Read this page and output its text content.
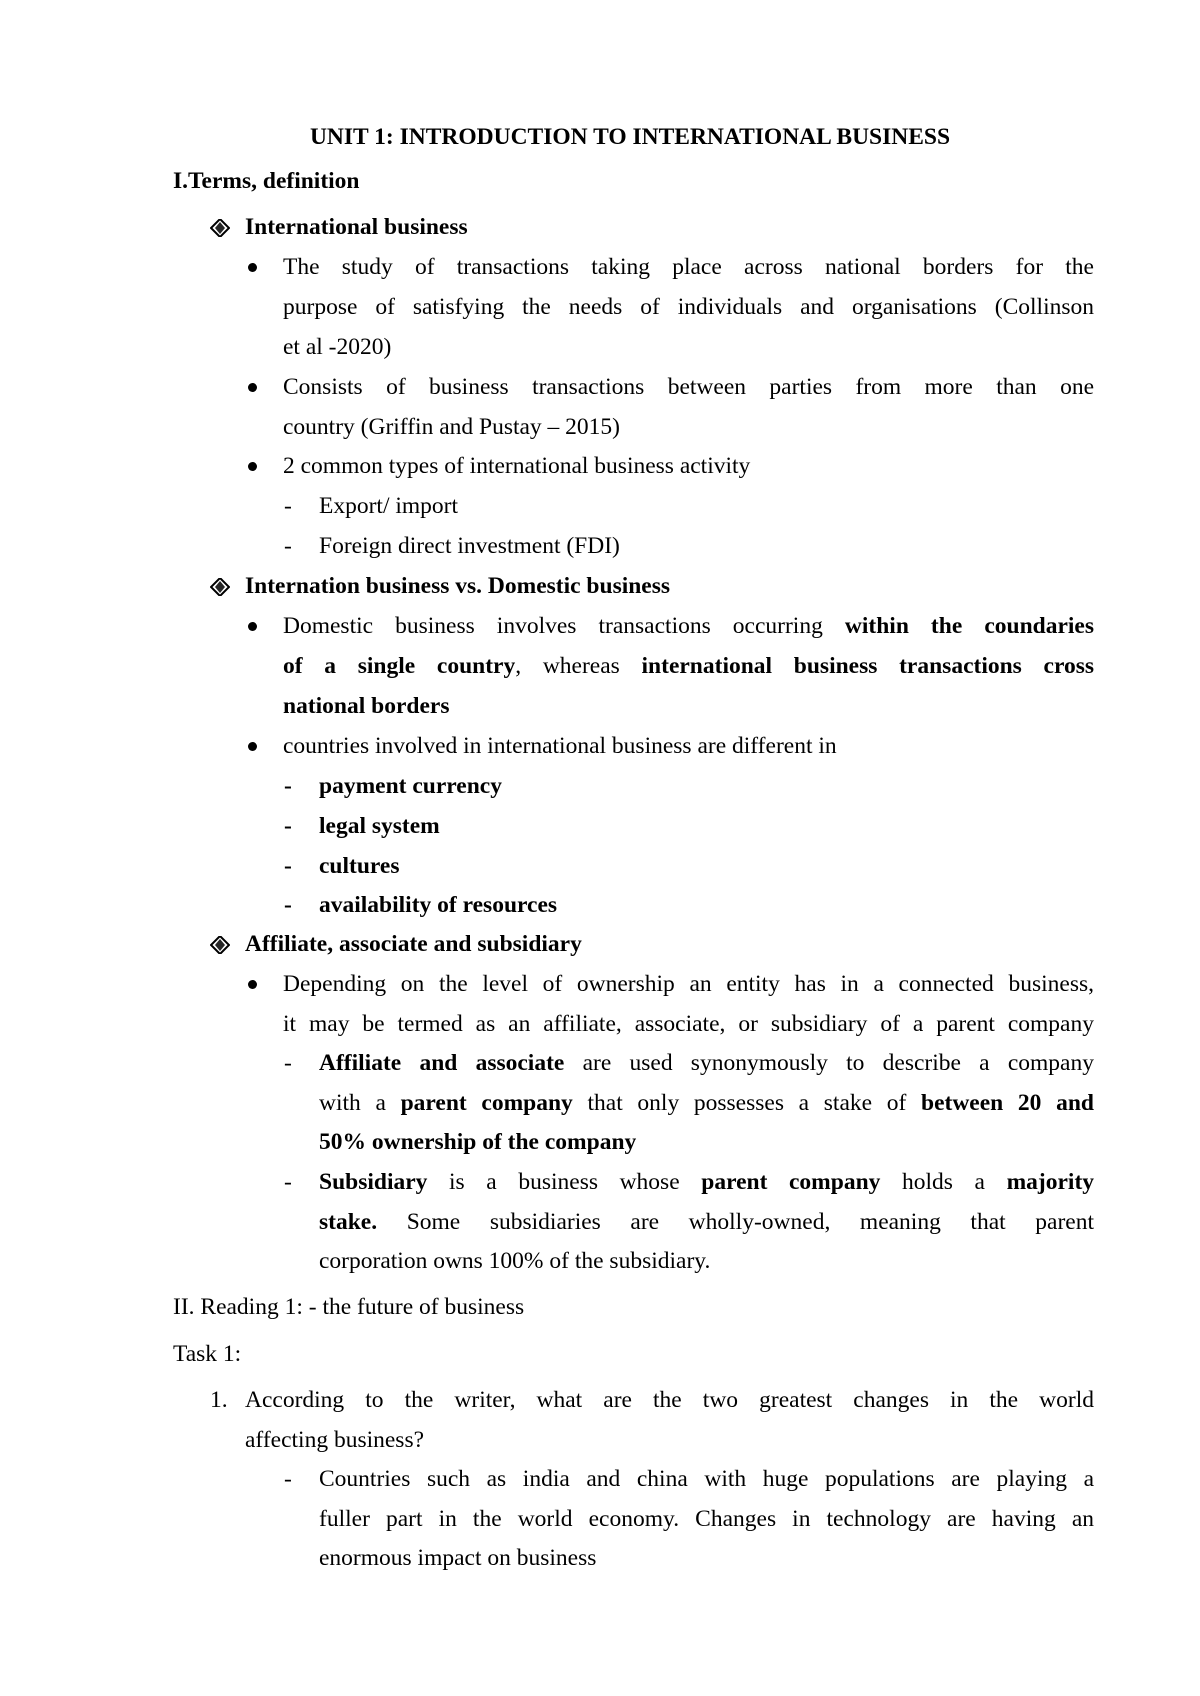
UNIT 1: INTRODUCTION TO INTERNATIONAL BUSINESS
I.Terms, definition
International business
The study of transactions taking place across national borders for the
purpose of satisfying the needs of individuals and organisations (Collinson
et al -2020)
Consists of business transactions between parties from more than one
country (Griffin and Pustay – 2015)
2 common types of international business activity
- Export/ import
- Foreign direct investment (FDI)
Internation business vs. Domestic business
Domestic business involves transactions occurring within the coundaries
of a single country, whereas international business transactions cross
national borders
countries involved in international business are different in
- payment currency
- legal system
- cultures
- availability of resources
Affiliate, associate and subsidiary
Depending on the level of ownership an entity has in a connected business,
it may be termed as an affiliate, associate, or subsidiary of a parent company
- Affiliate and associate are used synonymously to describe a company
with a parent company that only possesses a stake of between 20 and
50% ownership of the company
- Subsidiary is a business whose parent company holds a majority
stake. Some subsidiaries are wholly-owned, meaning that parent
corporation owns 100% of the subsidiary.
II. Reading 1: - the future of business
Task 1:
1. According to the writer, what are the two greatest changes in the world
affecting business?
- Countries such as india and china with huge populations are playing a
fuller part in the world economy. Changes in technology are having an
enormous impact on business
